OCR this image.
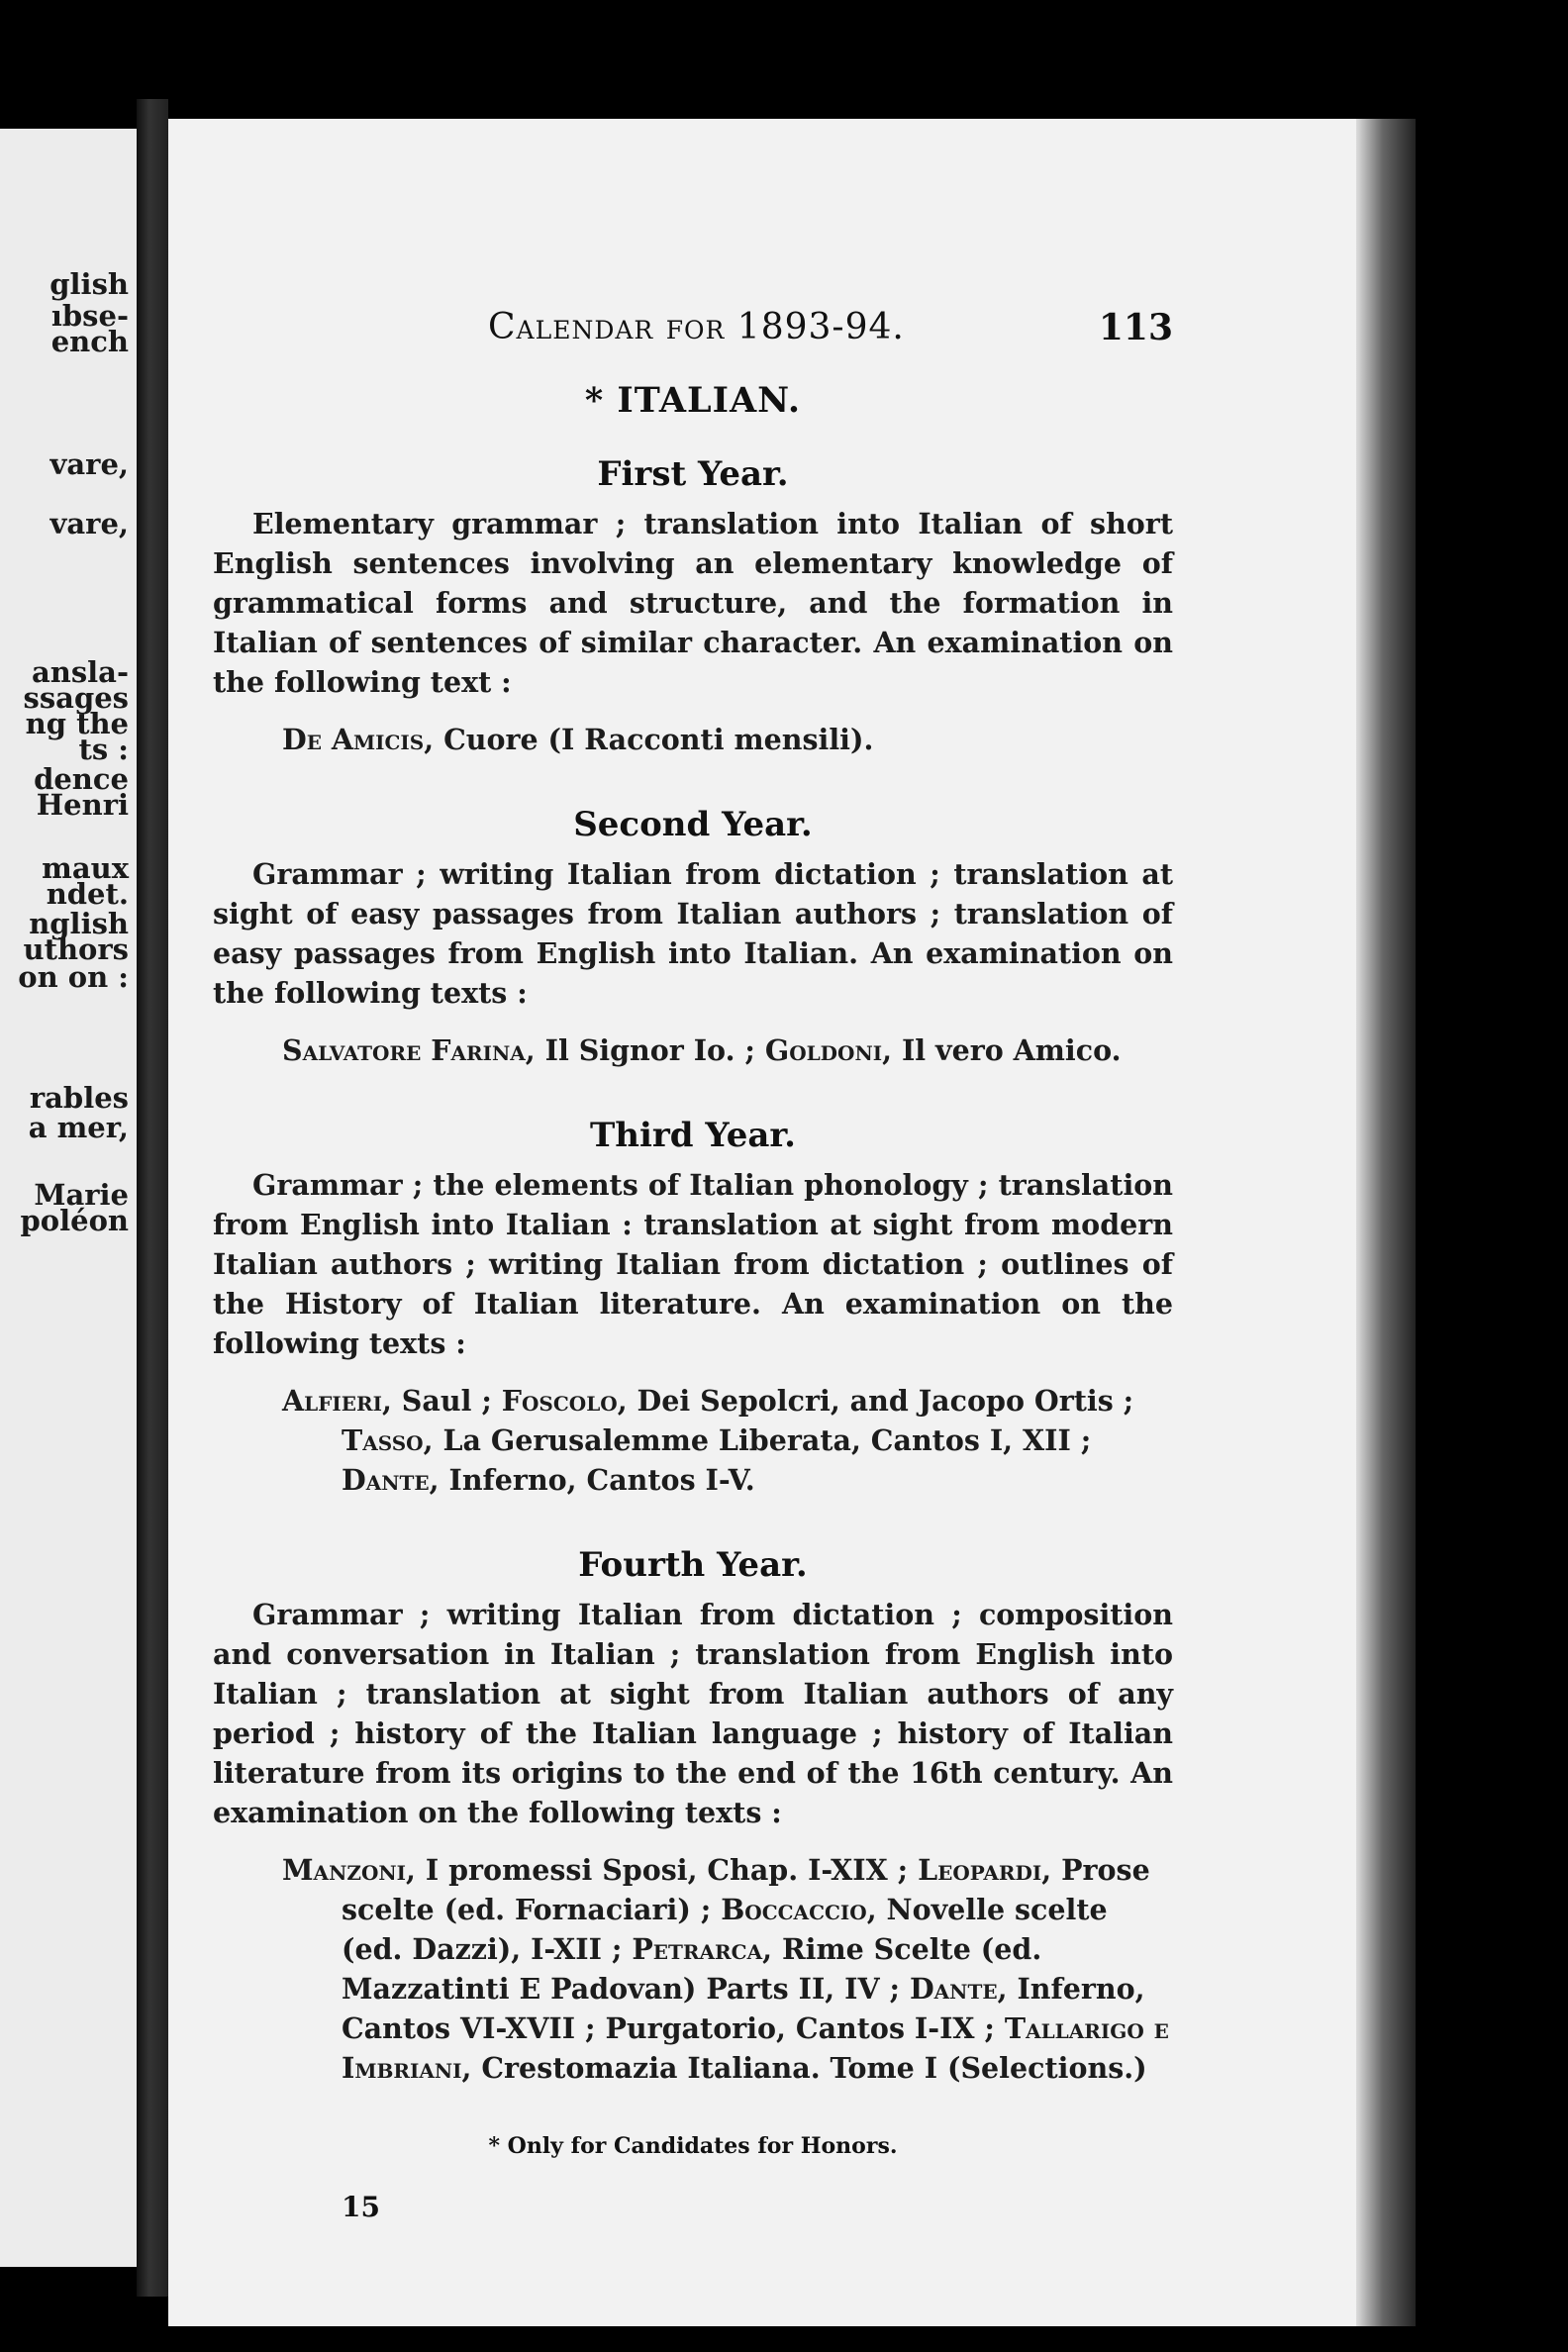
glish
ıbse-
ench
vare,
vare,
ansla-
ssages
ng the
ts :
dence
Henri
maux
ndet.
nglish
uthors
on on :
rables
a mer,
Marie
poléon
Calendar for 1893-94.	113
* ITALIAN.
First Year.

Elementary grammar ; translation into Italian of short English sentences involving an elementary knowledge of grammatical forms and structure, and the formation in Italian of sentences of similar character. An examination on the following text :

De Amicis, Cuore (I Racconti mensili).

Second Year.

Grammar ; writing Italian from dictation ; translation at sight of easy passages from Italian authors ; translation of easy passages from English into Italian. An examination on the following texts :

Salvatore Farina, Il Signor Io. ; Goldoni, Il vero Amico.

Third Year.

Grammar ; the elements of Italian phonology ; translation from English into Italian : translation at sight from modern Italian authors ; writing Italian from dictation ; outlines of the History of Italian literature. An examination on the following texts :

Alfieri, Saul ; Foscolo, Dei Sepolcri, and Jacopo Ortis ; Tasso, La Gerusalemme Liberata, Cantos I, XII ; Dante, Inferno, Cantos I-V.

Fourth Year.

Grammar ; writing Italian from dictation ; composition and conversation in Italian ; translation from English into Italian ; translation at sight from Italian authors of any period ; history of the Italian language ; history of Italian literature from its origins to the end of the 16th century. An examination on the following texts :

Manzoni, I promessi Sposi, Chap. I-XIX ; Leopardi, Prose scelte (ed. Fornaciari) ; Boccaccio, Novelle scelte (ed. Dazzi), I-XII ; Petrarca, Rime Scelte (ed. Mazzatinti E Padovan) Parts II, IV ; Dante, Inferno, Cantos VI-XVII ; Purgatorio, Cantos I-IX ; Tallarigo e Imbriani, Crestomazia Italiana. Tome I (Selections.)

* Only for Candidates for Honors.
15
